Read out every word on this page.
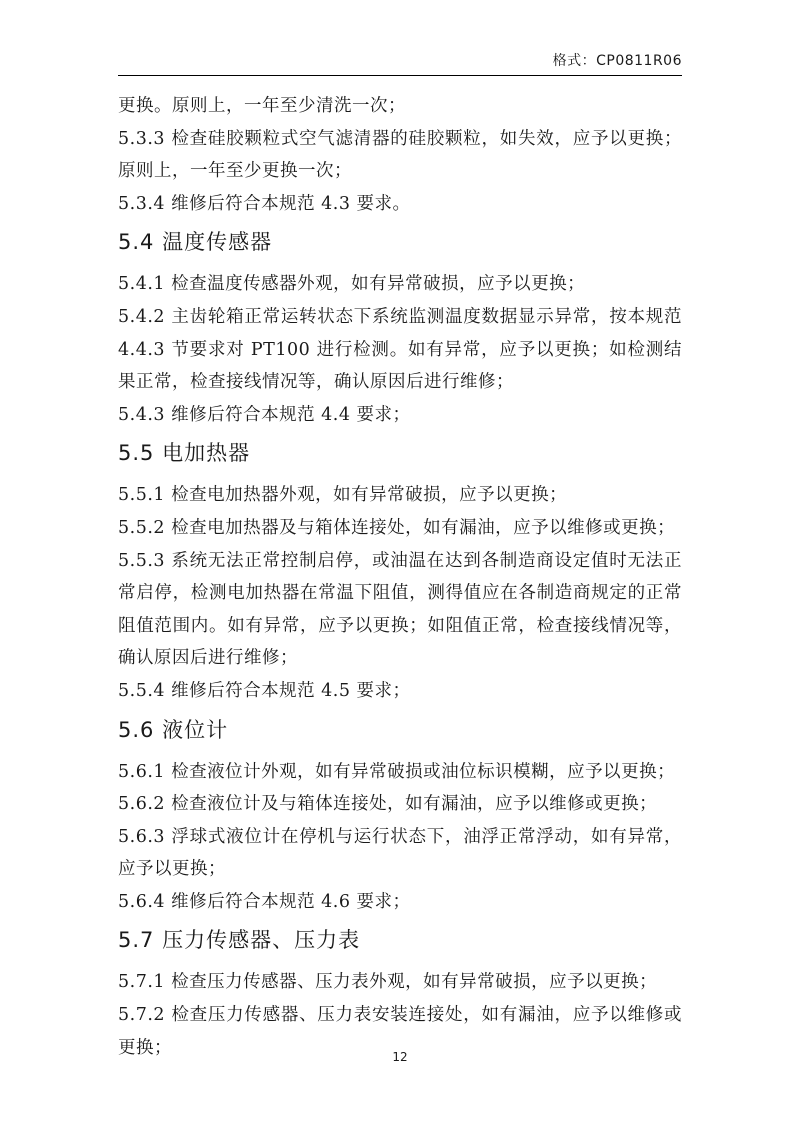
格式：CP0811R06

更换。原则上，一年至少清洗一次；

5.3.3 检查硅胶颗粒式空气滤清器的硅胶颗粒，如失效，应予以更换；原则上，一年至少更换一次；

5.3.4 维修后符合本规范 4.3 要求。

5.4 温度传感器

5.4.1 检查温度传感器外观，如有异常破损，应予以更换；

5.4.2 主齿轮箱正常运转状态下系统监测温度数据显示异常，按本规范 4.4.3 节要求对 PT100 进行检测。如有异常，应予以更换；如检测结果正常，检查接线情况等，确认原因后进行维修；

5.4.3 维修后符合本规范 4.4 要求；

5.5 电加热器

5.5.1 检查电加热器外观，如有异常破损，应予以更换；

5.5.2 检查电加热器及与箱体连接处，如有漏油，应予以维修或更换；

5.5.3 系统无法正常控制启停，或油温在达到各制造商设定值时无法正常启停，检测电加热器在常温下阻值，测得值应在各制造商规定的正常阻值范围内。如有异常，应予以更换；如阻值正常，检查接线情况等，确认原因后进行维修；

5.5.4 维修后符合本规范 4.5 要求；

5.6 液位计

5.6.1 检查液位计外观，如有异常破损或油位标识模糊，应予以更换；

5.6.2 检查液位计及与箱体连接处，如有漏油，应予以维修或更换；

5.6.3 浮球式液位计在停机与运行状态下，油浮正常浮动，如有异常，应予以更换；

5.6.4 维修后符合本规范 4.6 要求；

5.7 压力传感器、压力表

5.7.1 检查压力传感器、压力表外观，如有异常破损，应予以更换；

5.7.2 检查压力传感器、压力表安装连接处，如有漏油，应予以维修或更换；	12
